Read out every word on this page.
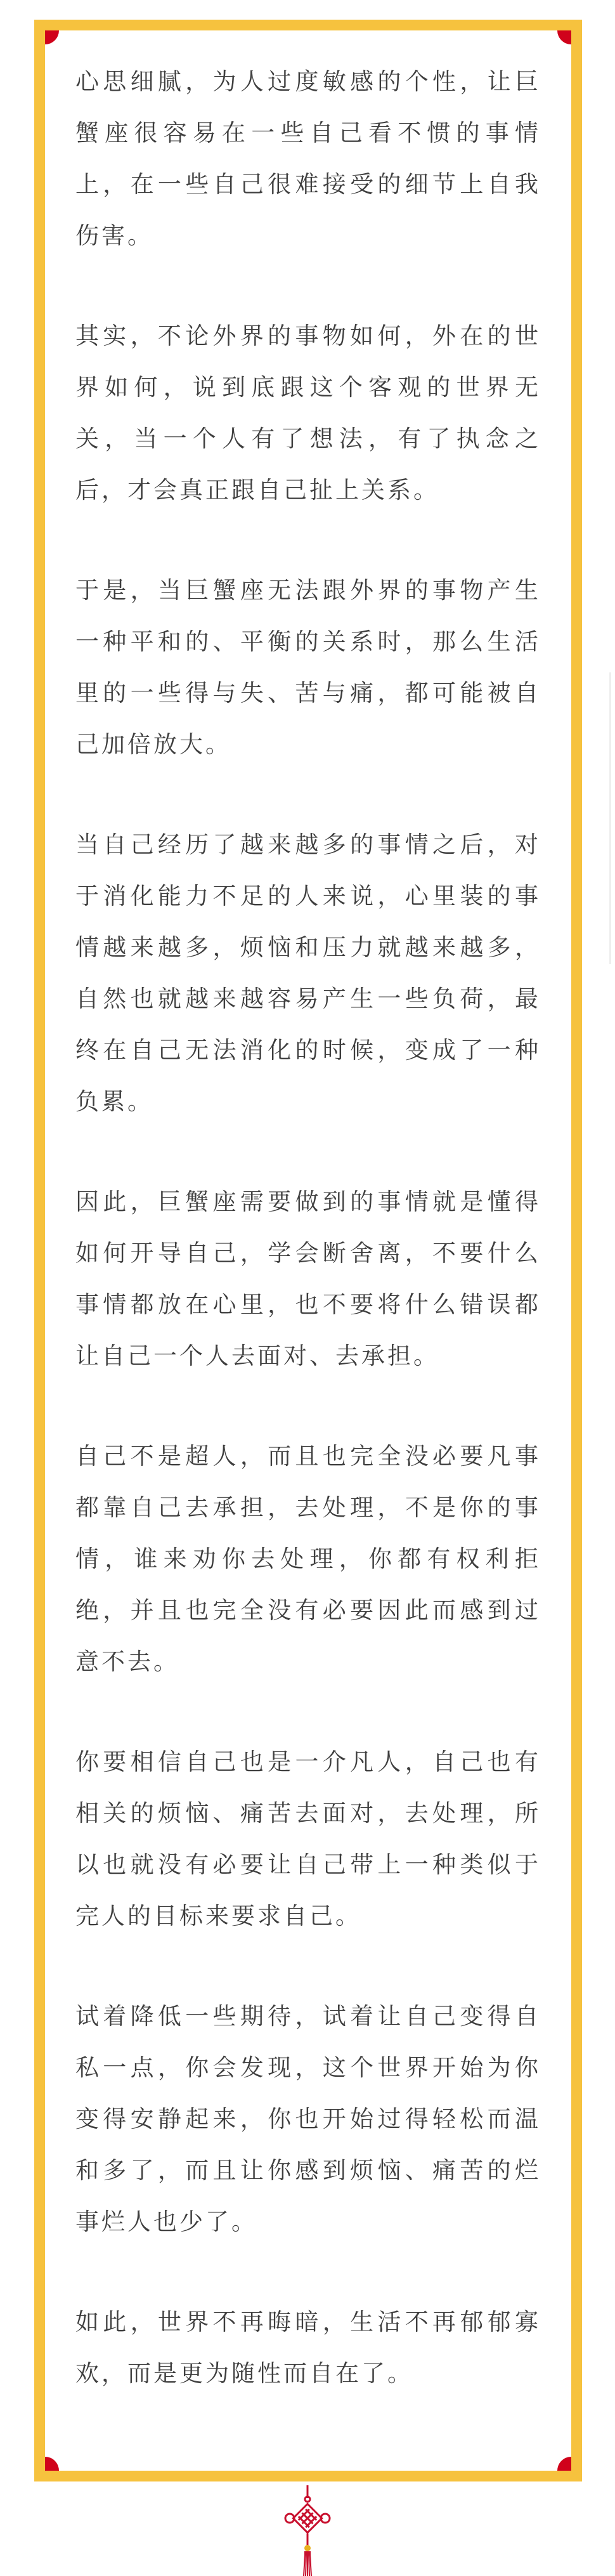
心思细腻，为人过度敏感的个性，让巨蟹座很容易在一些自己看不惯的事情上，在一些自己很难接受的细节上自我伤害。

其实，不论外界的事物如何，外在的世界如何，说到底跟这个客观的世界无关，当一个人有了想法，有了执念之后，才会真正跟自己扯上关系。

于是，当巨蟹座无法跟外界的事物产生一种平和的、平衡的关系时，那么生活里的一些得与失、苦与痛，都可能被自己加倍放大。

当自己经历了越来越多的事情之后，对于消化能力不足的人来说，心里装的事情越来越多，烦恼和压力就越来越多，自然也就越来越容易产生一些负荷，最终在自己无法消化的时候，变成了一种负累。

因此，巨蟹座需要做到的事情就是懂得如何开导自己，学会断舍离，不要什么事情都放在心里，也不要将什么错误都让自己一个人去面对、去承担。

自己不是超人，而且也完全没必要凡事都靠自己去承担，去处理，不是你的事情，谁来劝你去处理，你都有权利拒绝，并且也完全没有必要因此而感到过意不去。

你要相信自己也是一介凡人，自己也有相关的烦恼、痛苦去面对，去处理，所以也就没有必要让自己带上一种类似于完人的目标来要求自己。

试着降低一些期待，试着让自己变得自私一点，你会发现，这个世界开始为你变得安静起来，你也开始过得轻松而温和多了，而且让你感到烦恼、痛苦的烂事烂人也少了。

如此，世界不再晦暗，生活不再郁郁寡欢，而是更为随性而自在了。
